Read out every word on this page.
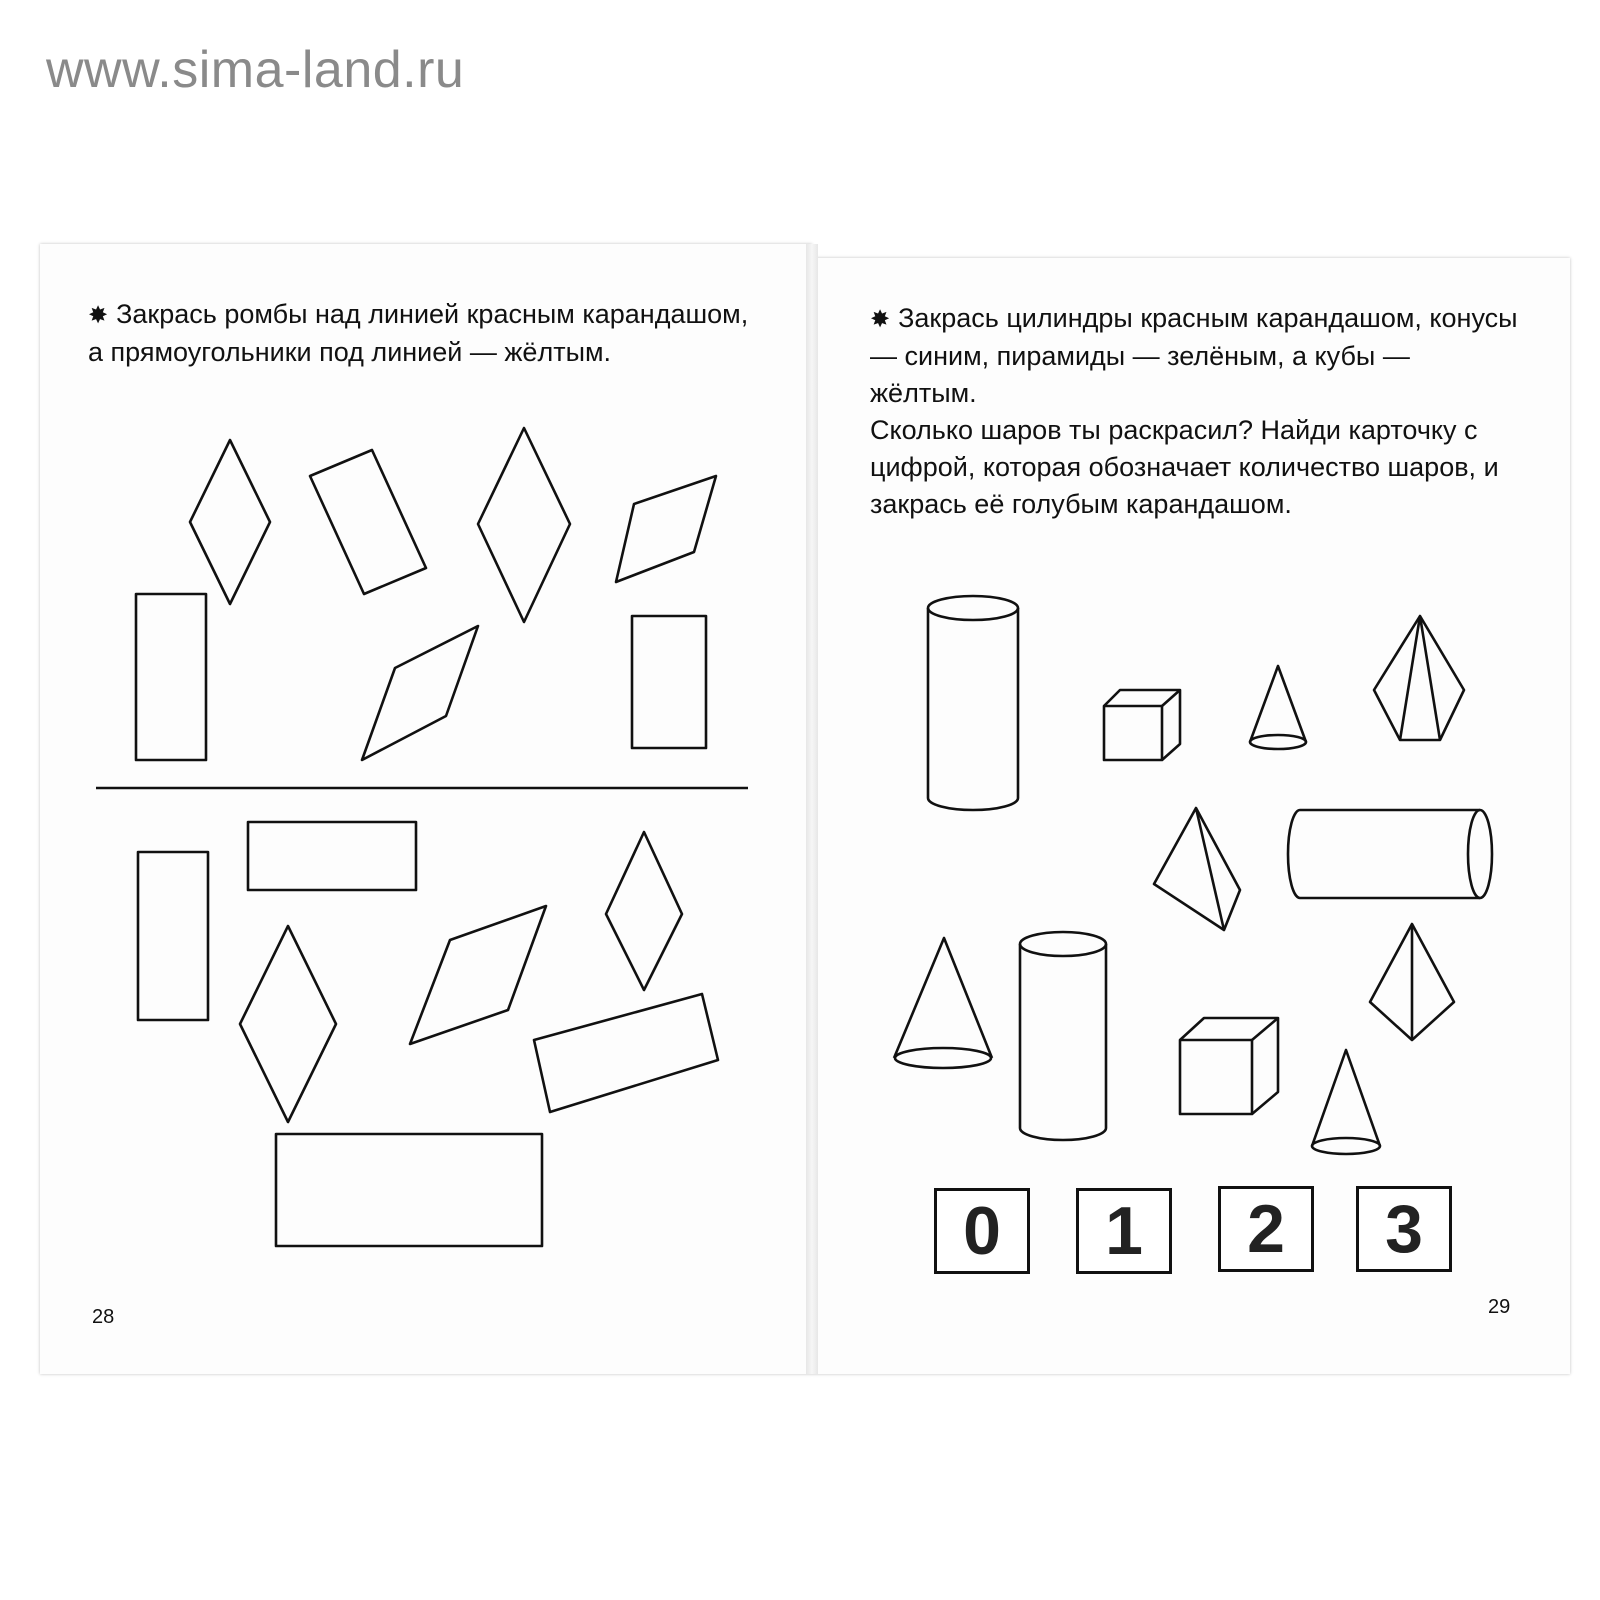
www.sima-land.ru

✸ Закрась ромбы над линией красным карандашом, а прямоугольники под линией — жёлтым.

✸ Закрась цилиндры красным карандашом, конусы — синим, пирамиды — зелёным, а кубы — жёлтым.

Сколько шаров ты раскрасил? Найди карточку с цифрой, которая обозначает количество шаров, и закрась её голубым карандашом.

0	1	2	3
28	29
